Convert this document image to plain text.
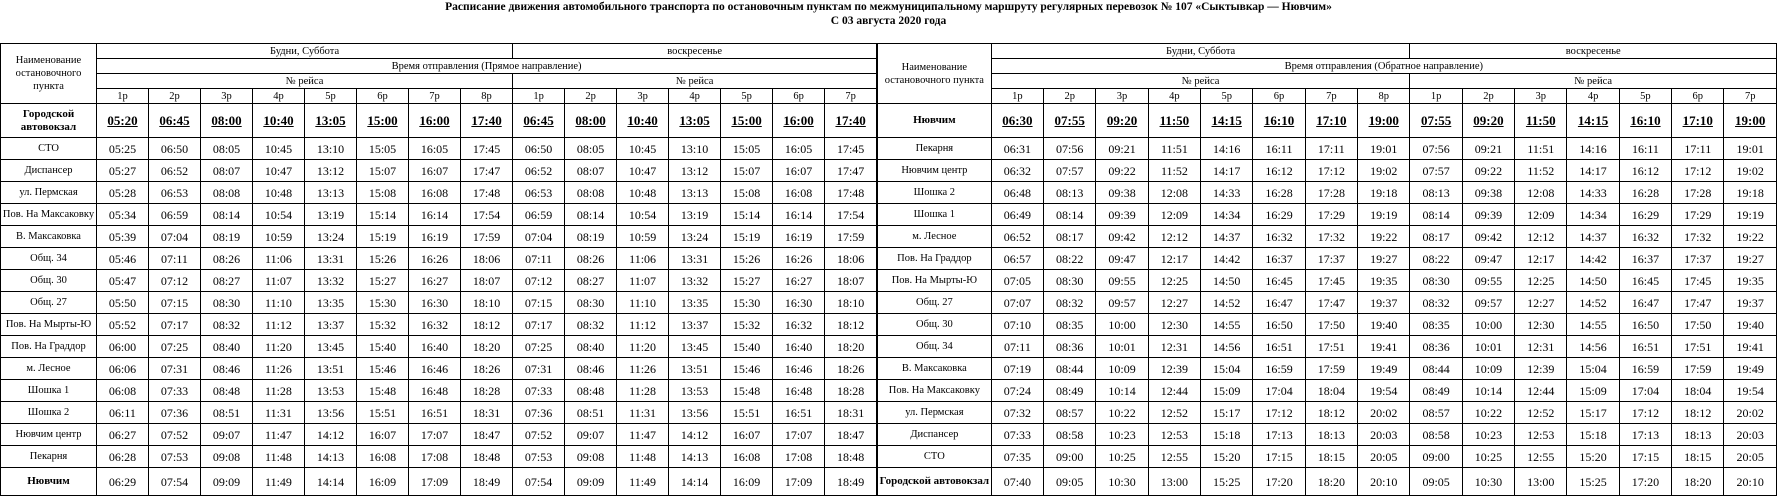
Расписание движения автомобильного транспорта по остановочным пунктам по межмуниципальному маршруту регулярных перевозок № 107 «Сыктывкар — Нювчим»
С 03 августа 2020 года
Наименование остановочного пункта	Будни, Суббота								воскресенье						
	Время отправления (Прямое направление)														
	№ рейса								№ рейса						
	1р	2р	3р	4р	5р	6р	7р	8р	1р	2р	3р	4р	5р	6р	7р
Городской автовокзал	05:20	06:45	08:00	10:40	13:05	15:00	16:00	17:40	06:45	08:00	10:40	13:05	15:00	16:00	17:40
СТО	05:25	06:50	08:05	10:45	13:10	15:05	16:05	17:45	06:50	08:05	10:45	13:10	15:05	16:05	17:45
Диспансер	05:27	06:52	08:07	10:47	13:12	15:07	16:07	17:47	06:52	08:07	10:47	13:12	15:07	16:07	17:47
ул. Пермская	05:28	06:53	08:08	10:48	13:13	15:08	16:08	17:48	06:53	08:08	10:48	13:13	15:08	16:08	17:48
Пов. На Максаковку	05:34	06:59	08:14	10:54	13:19	15:14	16:14	17:54	06:59	08:14	10:54	13:19	15:14	16:14	17:54
В. Максаковка	05:39	07:04	08:19	10:59	13:24	15:19	16:19	17:59	07:04	08:19	10:59	13:24	15:19	16:19	17:59
Общ. 34	05:46	07:11	08:26	11:06	13:31	15:26	16:26	18:06	07:11	08:26	11:06	13:31	15:26	16:26	18:06
Общ. 30	05:47	07:12	08:27	11:07	13:32	15:27	16:27	18:07	07:12	08:27	11:07	13:32	15:27	16:27	18:07
Общ. 27	05:50	07:15	08:30	11:10	13:35	15:30	16:30	18:10	07:15	08:30	11:10	13:35	15:30	16:30	18:10
Пов. На Мырты-Ю	05:52	07:17	08:32	11:12	13:37	15:32	16:32	18:12	07:17	08:32	11:12	13:37	15:32	16:32	18:12
Пов. На Граддор	06:00	07:25	08:40	11:20	13:45	15:40	16:40	18:20	07:25	08:40	11:20	13:45	15:40	16:40	18:20
м. Лесное	06:06	07:31	08:46	11:26	13:51	15:46	16:46	18:26	07:31	08:46	11:26	13:51	15:46	16:46	18:26
Шошка 1	06:08	07:33	08:48	11:28	13:53	15:48	16:48	18:28	07:33	08:48	11:28	13:53	15:48	16:48	18:28
Шошка 2	06:11	07:36	08:51	11:31	13:56	15:51	16:51	18:31	07:36	08:51	11:31	13:56	15:51	16:51	18:31
Нювчим центр	06:27	07:52	09:07	11:47	14:12	16:07	17:07	18:47	07:52	09:07	11:47	14:12	16:07	17:07	18:47
Пекарня	06:28	07:53	09:08	11:48	14:13	16:08	17:08	18:48	07:53	09:08	11:48	14:13	16:08	17:08	18:48
Нювчим	06:29	07:54	09:09	11:49	14:14	16:09	17:09	18:49	07:54	09:09	11:49	14:14	16:09	17:09	18:49
Наименование остановочного пункта	Будни, Суббота								воскресенье						
	Время отправления (Обратное направление)														
	№ рейса								№ рейса						
	1р	2р	3р	4р	5р	6р	7р	8р	1р	2р	3р	4р	5р	6р	7р
Нювчим	06:30	07:55	09:20	11:50	14:15	16:10	17:10	19:00	07:55	09:20	11:50	14:15	16:10	17:10	19:00
Пекарня	06:31	07:56	09:21	11:51	14:16	16:11	17:11	19:01	07:56	09:21	11:51	14:16	16:11	17:11	19:01
Нювчим центр	06:32	07:57	09:22	11:52	14:17	16:12	17:12	19:02	07:57	09:22	11:52	14:17	16:12	17:12	19:02
Шошка 2	06:48	08:13	09:38	12:08	14:33	16:28	17:28	19:18	08:13	09:38	12:08	14:33	16:28	17:28	19:18
Шошка 1	06:49	08:14	09:39	12:09	14:34	16:29	17:29	19:19	08:14	09:39	12:09	14:34	16:29	17:29	19:19
м. Лесное	06:52	08:17	09:42	12:12	14:37	16:32	17:32	19:22	08:17	09:42	12:12	14:37	16:32	17:32	19:22
Пов. На Граддор	06:57	08:22	09:47	12:17	14:42	16:37	17:37	19:27	08:22	09:47	12:17	14:42	16:37	17:37	19:27
Пов. На Мырты-Ю	07:05	08:30	09:55	12:25	14:50	16:45	17:45	19:35	08:30	09:55	12:25	14:50	16:45	17:45	19:35
Общ. 27	07:07	08:32	09:57	12:27	14:52	16:47	17:47	19:37	08:32	09:57	12:27	14:52	16:47	17:47	19:37
Общ. 30	07:10	08:35	10:00	12:30	14:55	16:50	17:50	19:40	08:35	10:00	12:30	14:55	16:50	17:50	19:40
Общ. 34	07:11	08:36	10:01	12:31	14:56	16:51	17:51	19:41	08:36	10:01	12:31	14:56	16:51	17:51	19:41
В. Максаковка	07:19	08:44	10:09	12:39	15:04	16:59	17:59	19:49	08:44	10:09	12:39	15:04	16:59	17:59	19:49
Пов. На Максаковку	07:24	08:49	10:14	12:44	15:09	17:04	18:04	19:54	08:49	10:14	12:44	15:09	17:04	18:04	19:54
ул. Пермская	07:32	08:57	10:22	12:52	15:17	17:12	18:12	20:02	08:57	10:22	12:52	15:17	17:12	18:12	20:02
Диспансер	07:33	08:58	10:23	12:53	15:18	17:13	18:13	20:03	08:58	10:23	12:53	15:18	17:13	18:13	20:03
СТО	07:35	09:00	10:25	12:55	15:20	17:15	18:15	20:05	09:00	10:25	12:55	15:20	17:15	18:15	20:05
Городской автовокзал	07:40	09:05	10:30	13:00	15:25	17:20	18:20	20:10	09:05	10:30	13:00	15:25	17:20	18:20	20:10
